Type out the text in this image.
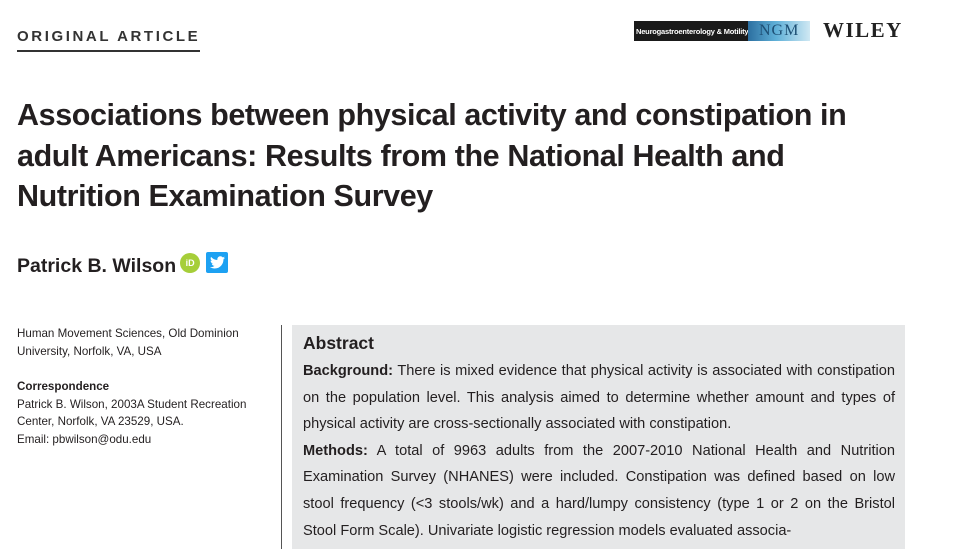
ORIGINAL ARTICLE	Neurogastroenterology & Motility NGM	WILEY
Associations between physical activity and constipation in adult Americans: Results from the National Health and Nutrition Examination Survey
Patrick B. Wilson	iD

Human Movement Sciences, Old Dominion University, Norfolk, VA, USA

Correspondence

Patrick B. Wilson, 2003A Student Recreation Center, Norfolk, VA 23529, USA.

Email: pbwilson@odu.edu

Abstract

Background: There is mixed evidence that physical activity is associated with constipation on the population level. This analysis aimed to determine whether amount and types of physical activity are cross-sectionally associated with constipation.

Methods: A total of 9963 adults from the 2007-2010 National Health and Nutrition Examination Survey (NHANES) were included. Constipation was defined based on low stool frequency (<3 stools/wk) and a hard/lumpy consistency (type 1 or 2 on the Bristol Stool Form Scale). Univariate logistic regression models evaluated associa-
